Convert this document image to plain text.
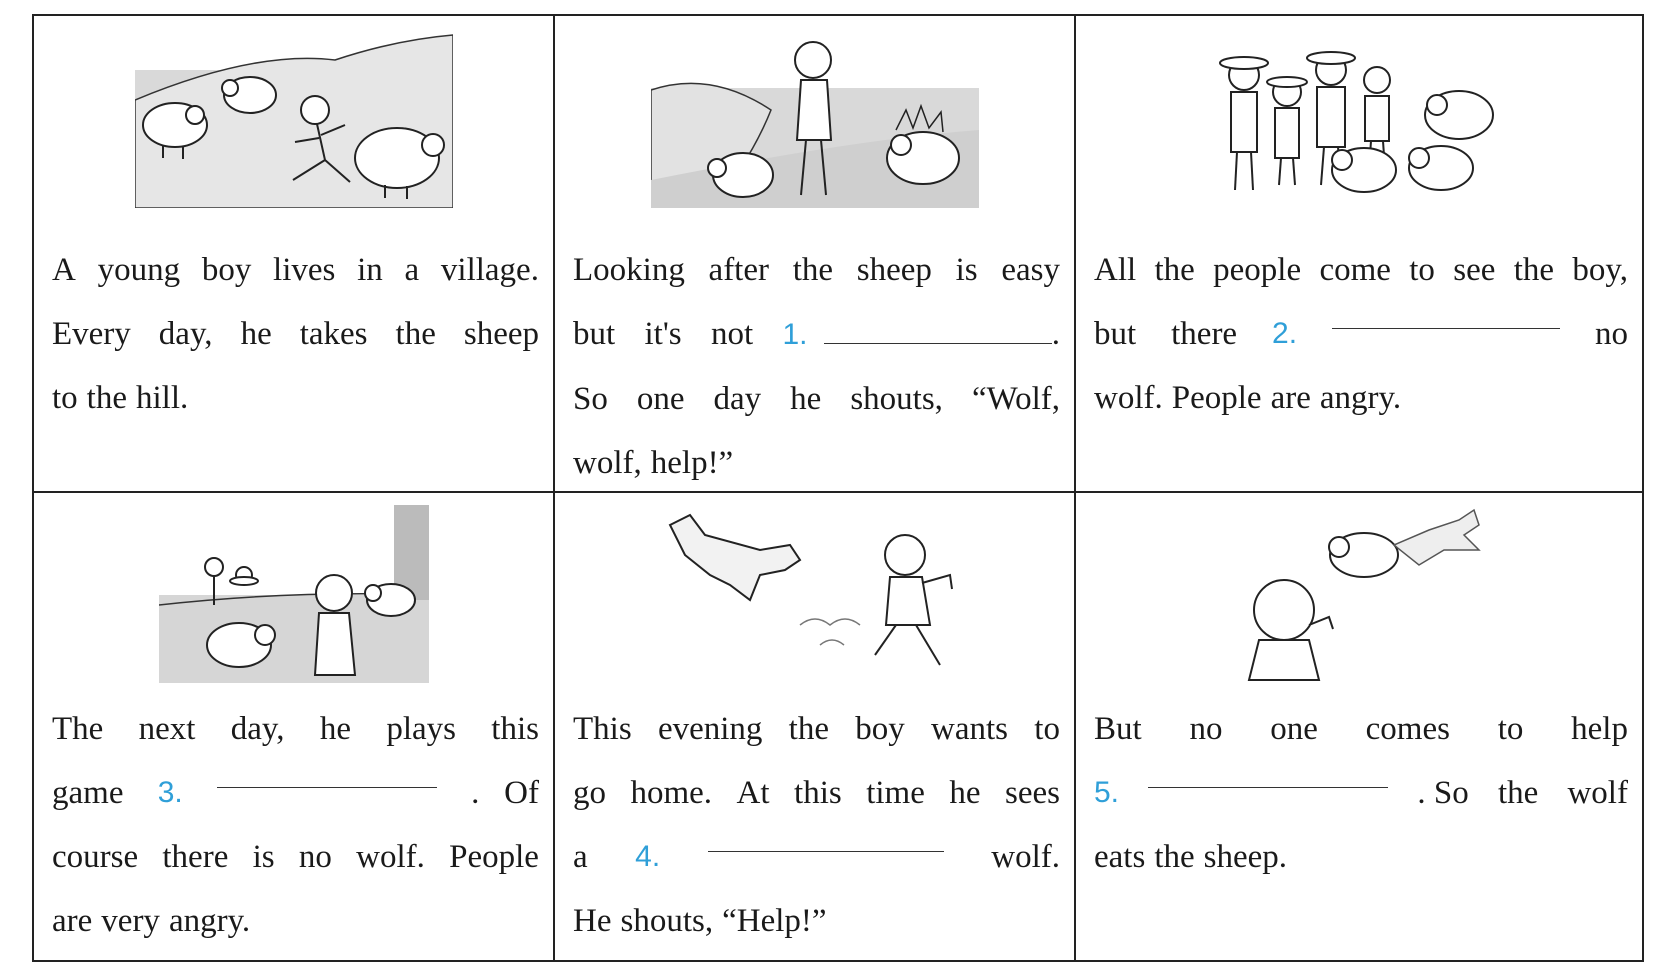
A young boy lives in a village.
Every day, he takes the sheep
to the hill.
Looking after the sheep is easy
but it's not 1.	.
So one day he shouts, “Wolf,
wolf, help!”
All the people come to see the boy,
but there 2.	no
wolf. People are angry.
The next day, he plays this
game 3.	.   Of
course there is no wolf. People
are very angry.
This evening the boy wants to
go home. At this time he sees
a 4.	wolf.
He shouts, “Help!”
But no one comes to help
5.	. So the wolf
eats the sheep.
